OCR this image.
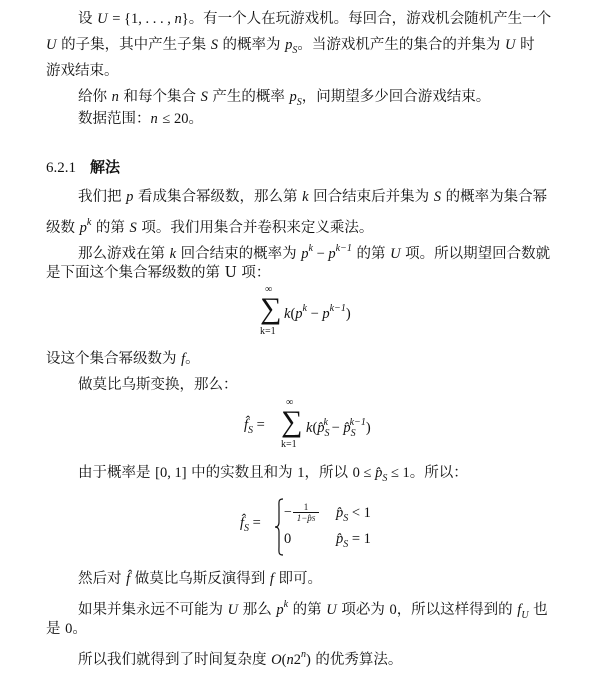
设 U = {1, . . . , n}。有一个人在玩游戏机。每回合，游戏机会随机产生一个
U 的子集，其中产生子集 S 的概率为 $p_S$。当游戏机产生的集合的并集为 U 时
游戏结束。
给你 n 和每个集合 S 产生的概率 $p_S$，问期望多少回合游戏结束。
数据范围：n ≤ 20。
6.2.1 解法
我们把 p 看成集合幂级数，那么第 k 回合结束后并集为 S 的概率为集合幂
级数 $p^k$ 的第 S 项。我们用集合并卷积来定义乘法。
那么游戏在第 k 回合结束的概率为 $p^k - p^{k-1}$ 的第 U 项。所以期望回合数就
是下面这个集合幂级数的第 U 项：
∞
∑
k=1
$k(p^k - p^{k-1})$
设这个集合幂级数为 f。
做莫比乌斯变换，那么：
$f̂_S$ =
∞
∑
k=1
$k(p̂_S^k$ − $p̂_S^{k-1}$)
由于概率是 [0, 1] 中的实数且和为 1，所以 $0 \le p̂_S \le 1$。所以：
$f̂_S$ =
− $\frac{1}{1-p̂S}$ $p̂_S < 1$
0	$p̂_S = 1$
然后对 f̂ 做莫比乌斯反演得到 f 即可。
如果并集永远不可能为 U 那么 $p^k$ 的第 U 项必为 0，所以这样得到的 $f_U$ 也
是 0。
所以我们就得到了时间复杂度 O(n2$^n$) 的优秀算法。
